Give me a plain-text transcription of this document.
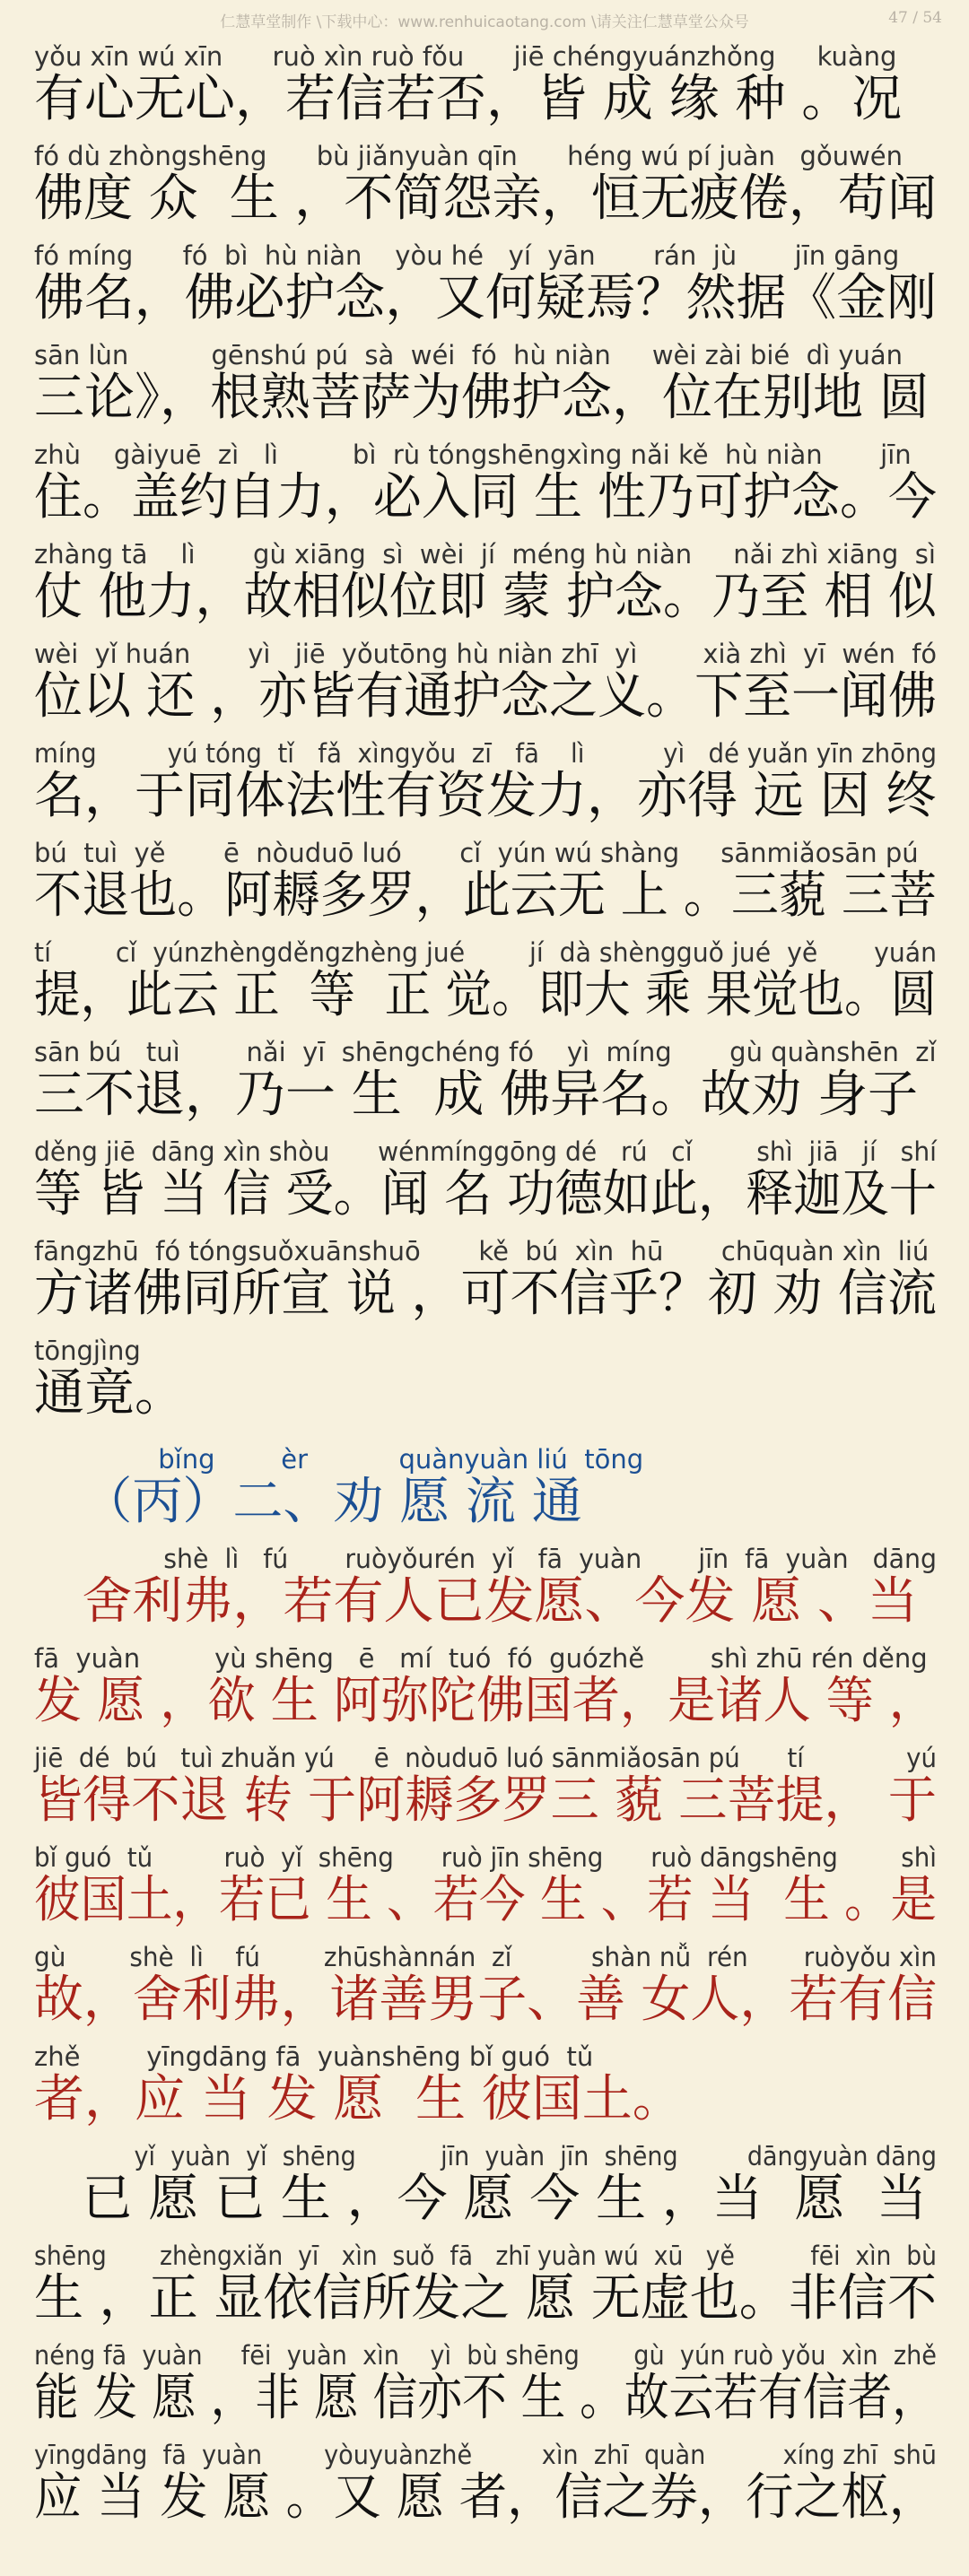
仁慧草堂制作 \下载中心：www.renhuicaotang.com \请关注仁慧草堂公众号	47 / 54
yǒu xīn wú xīn      ruò xìn ruò fǒu      jiē chéngyuánzhǒng     kuàng
有心无心，若信若否，皆 成 缘 种 。况
fó dù zhòngshēng      bù jiǎnyuàn qīn      héng wú pí juàn   gǒuwén
佛度 众  生 ，不简怨亲，恒无疲倦，苟闻
fó míng      fó  bì  hù niàn    yòu hé   yí  yān       rán  jù       jīn gāng
佛名，佛必护念，又何疑焉？然据《金刚
sān lùn          gēnshú pú  sà  wéi  fó  hù niàn     wèi zài bié  dì yuán
三论》，根熟菩萨为佛护念，位在别地 圆
zhù    gàiyuē  zì   lì         bì  rù tóngshēngxìng nǎi kě  hù niàn       jīn
住。盖约自力，必入同 生 性乃可护念。今
zhàng tā    lì       gù xiāng  sì  wèi  jí  méng hù niàn     nǎi zhì xiāng  sì
仗 他力，故相似位即 蒙 护念。乃至 相 似
wèi  yǐ huán       yì   jiē  yǒutōng hù niàn zhī  yì        xià zhì  yī  wén  fó
位以 还 ，亦皆有通护念之义。下至一闻佛
míng         yú tóng  tǐ   fǎ  xìngyǒu  zī   fā    lì          yì   dé yuǎn yīn zhōng
名，于同体法性有资发力，亦得 远 因 终
bú  tuì  yě       ē  nòuduō luó       cǐ  yún wú shàng     sānmiǎosān pú
不退也。阿耨多罗，此云无 上 。三藐 三菩
tí        cǐ  yúnzhèngděngzhèng jué        jí  dà shèngguǒ jué  yě       yuán
提，此云 正  等  正 觉。即大 乘 果觉也。圆
sān bú   tuì        nǎi  yī  shēngchéng fó    yì  míng       gù quànshēn  zǐ
三不退，乃一 生  成 佛异名。故劝 身子
děng jiē  dāng xìn shòu      wénmínggōng dé   rú   cǐ        shì  jiā   jí   shí
等 皆 当 信 受。闻 名 功德如此，释迦及十
fāngzhū  fó tóngsuǒxuānshuō       kě  bú  xìn  hū       chūquàn xìn  liú
方诸佛同所宣 说 ，可不信乎？初 劝 信流
tōngjìng
通竟。
bǐng        èr           quànyuàn liú  tōng
（丙）二、劝 愿 流 通
shè  lì   fú       ruòyǒurén  yǐ   fā  yuàn       jīn  fā  yuàn   dāng
舍利弗，若有人已发愿、今发 愿 、当
fā  yuàn         yù shēng   ē   mí  tuó  fó  guózhě        shì zhū rén děng
发 愿 ，欲 生 阿弥陀佛国者，是诸人 等 ，
jiē  dé  bú   tuì zhuǎn yú     ē  nòuduō luó sānmiǎosān pú      tí             yú
皆得不退 转 于阿耨多罗三 藐 三菩提， 于
bǐ guó  tǔ         ruò  yǐ  shēng      ruò jīn shēng      ruò dāngshēng        shì
彼国土，若已 生 、若今 生 、若 当  生 。是
gù        shè  lì    fú        zhūshànnán  zǐ          shàn nǚ  rén       ruòyǒu xìn
故，舍利弗，诸善男子、善 女人，若有信
zhě        yīngdāng fā  yuànshēng bǐ guó  tǔ
者，应 当 发 愿  生 彼国土。
yǐ  yuàn  yǐ  shēng           jīn  yuàn  jīn  shēng         dāngyuàn dāng
已 愿 已 生 ，今 愿 今 生 ，当  愿  当
shēng       zhèngxiǎn  yī   xìn  suǒ  fā   zhī yuàn wú  xū   yě          fēi  xìn  bù
生 ，正 显依信所发之 愿 无虚也。非信不
néng fā  yuàn     fēi  yuàn  xìn    yì  bù shēng       gù  yún ruò yǒu  xìn  zhě
能 发 愿 ，非 愿 信亦不 生 。故云若有信者，
yīngdāng  fā  yuàn        yòuyuànzhě         xìn  zhī  quàn          xíng zhī  shū
应 当 发 愿 。又 愿 者，信之券，行之枢，
